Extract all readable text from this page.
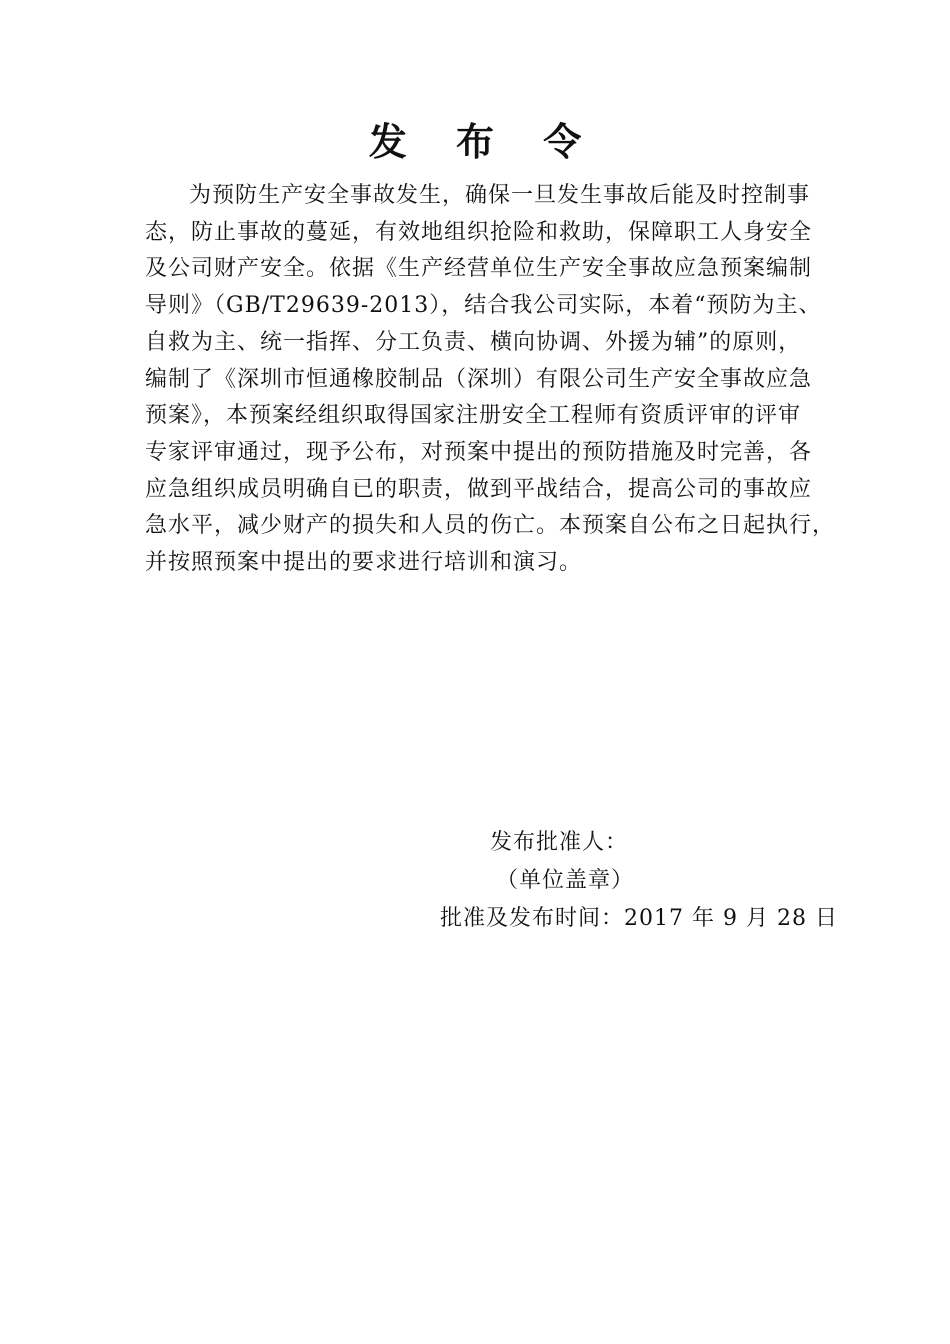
发 布 令
为预防生产安全事故发生，确保一旦发生事故后能及时控制事
态，防止事故的蔓延，有效地组织抢险和救助，保障职工人身安全
及公司财产安全。依据《生产经营单位生产安全事故应急预案编制
导则》（GB/T29639-2013），结合我公司实际，本着“预防为主、
自救为主、统一指挥、分工负责、横向协调、外援为辅”的原则，
编制了《深圳市恒通橡胶制品（深圳）有限公司生产安全事故应急
预案》，本预案经组织取得国家注册安全工程师有资质评审的评审
专家评审通过，现予公布，对预案中提出的预防措施及时完善，各
应急组织成员明确自已的职责，做到平战结合，提高公司的事故应
急水平，减少财产的损失和人员的伤亡。本预案自公布之日起执行，
并按照预案中提出的要求进行培训和演习。
发布批准人：
（单位盖章）
批准及发布时间：2017 年 9 月 28 日
